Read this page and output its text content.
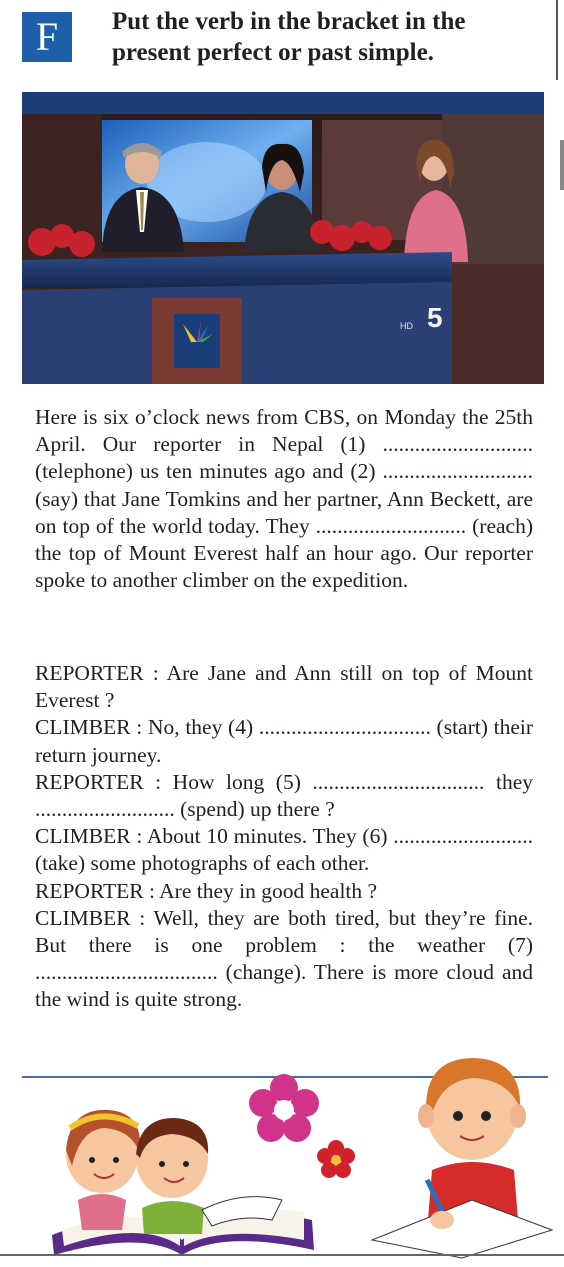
F	Put the verb in the bracket in the present perfect or past simple.
5
HD
Here is six o’clock news from CBS, on Monday the 25th April. Our reporter in Nepal (1) ............................ (telephone) us ten minutes ago and (2) ............................ (say) that Jane Tomkins and her partner, Ann Beckett, are on top of the world today. They ............................ (reach) the top of Mount Everest half an hour ago. Our reporter spoke to another climber on the expedition.

REPORTER : Are Jane and Ann still on top of Mount Everest ?

CLIMBER : No, they (4) ................................ (start) their return journey.

REPORTER : How long (5) ................................ they .......................... (spend) up there ?

CLIMBER : About 10 minutes. They (6) .......................... (take) some photographs of each other.

REPORTER : Are they in good health ?

CLIMBER : Well, they are both tired, but they’re fine. But there is one problem : the weather (7) .................................. (change). There is more cloud and the wind is quite strong.
